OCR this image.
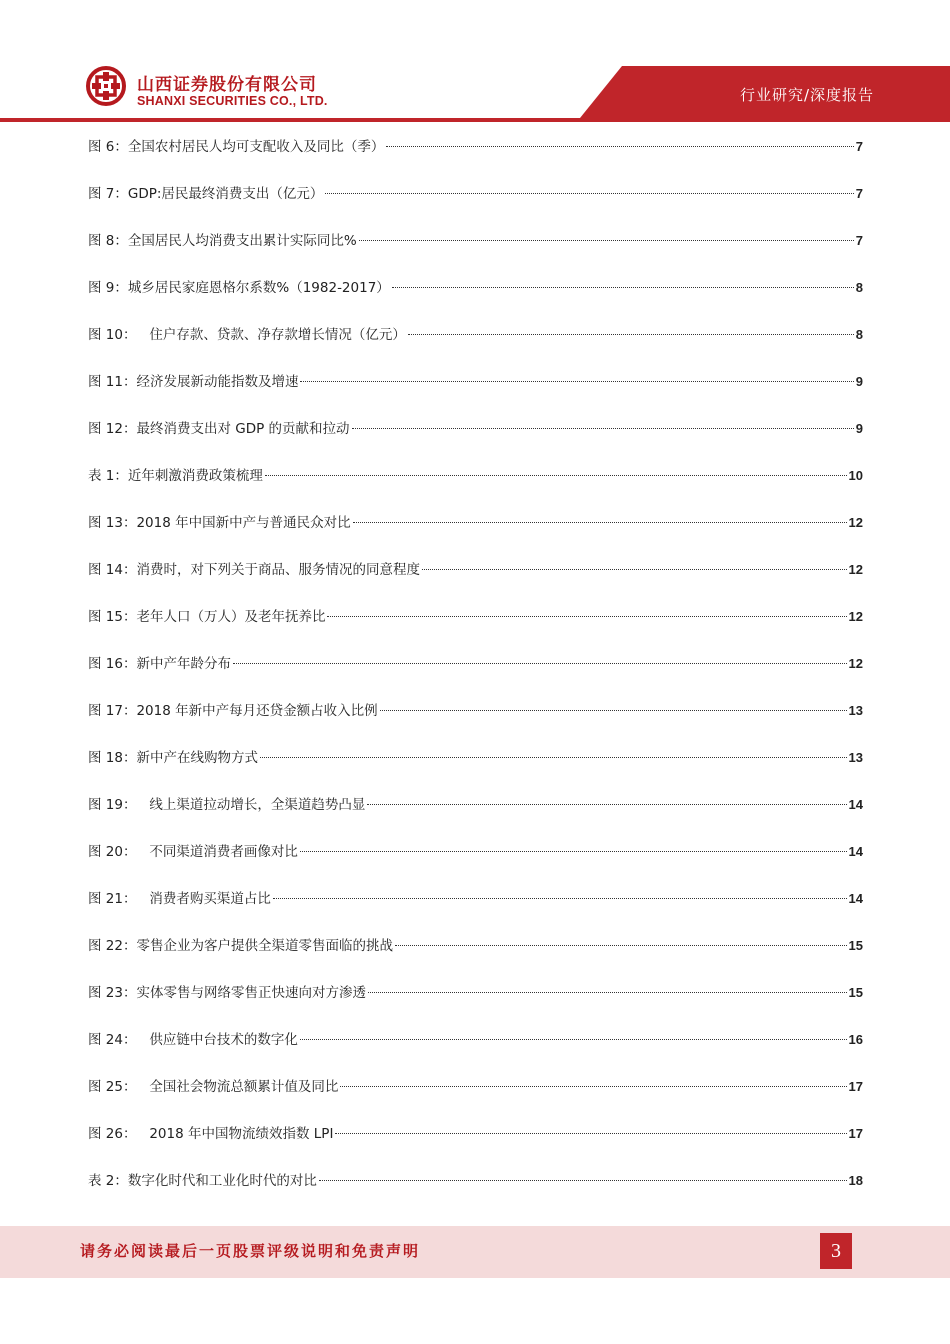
山西证券股份有限公司
SHANXI SECURITIES CO., LTD.	行业研究/深度报告
图 6：全国农村居民人均可支配收入及同比（季）	7
图 7：GDP:居民最终消费支出（亿元）	7
图 8：全国居民人均消费支出累计实际同比%	7
图 9：城乡居民家庭恩格尔系数%（1982-2017）	8
图 10：   住户存款、贷款、净存款增长情况（亿元）	8
图 11：经济发展新动能指数及增速	9
图 12：最终消费支出对 GDP 的贡献和拉动	9
表 1：近年刺激消费政策梳理	10
图 13：2018 年中国新中产与普通民众对比	12
图 14：消费时，对下列关于商品、服务情况的同意程度	12
图 15：老年人口（万人）及老年抚养比	12
图 16：新中产年龄分布	12
图 17：2018 年新中产每月还贷金额占收入比例	13
图 18：新中产在线购物方式	13
图 19：   线上渠道拉动增长，全渠道趋势凸显	14
图 20：   不同渠道消费者画像对比	14
图 21：   消费者购买渠道占比	14
图 22：零售企业为客户提供全渠道零售面临的挑战	15
图 23：实体零售与网络零售正快速向对方渗透	15
图 24：   供应链中台技术的数字化	16
图 25：   全国社会物流总额累计值及同比	17
图 26：   2018 年中国物流绩效指数 LPI	17
表 2：数字化时代和工业化时代的对比	18
请务必阅读最后一页股票评级说明和免责声明	3
